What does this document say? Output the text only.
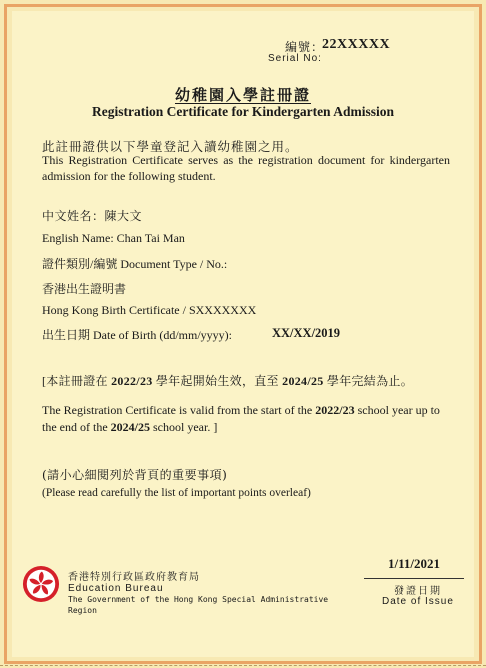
編號：
22XXXXX
Serial No:
幼稚園入學註冊證
Registration Certificate for Kindergarten Admission
此註冊證供以下學童登記入讀幼稚園之用。
This Registration Certificate serves as the registration document for kindergarten admission for the following student.
中文姓名：陳大文
English Name: Chan Tai Man
證件類別/編號 Document Type / No.:
香港出生證明書
Hong Kong Birth Certificate / SXXXXXXX
出生日期 Date of Birth (dd/mm/yyyy):	XX/XX/2019
[本註冊證在 2022/23 學年起開始生效，直至 2024/25 學年完結為止。
The Registration Certificate is valid from the start of the 2022/23 school year up to the end of the 2024/25 school year. ]
(請小心細閱列於背頁的重要事項)
(Please read carefully the list of important points overleaf)
香港特別行政區政府教育局
Education Bureau
The Government of the Hong Kong Special Administrative
Region
1/11/2021
發證日期
Date of Issue
